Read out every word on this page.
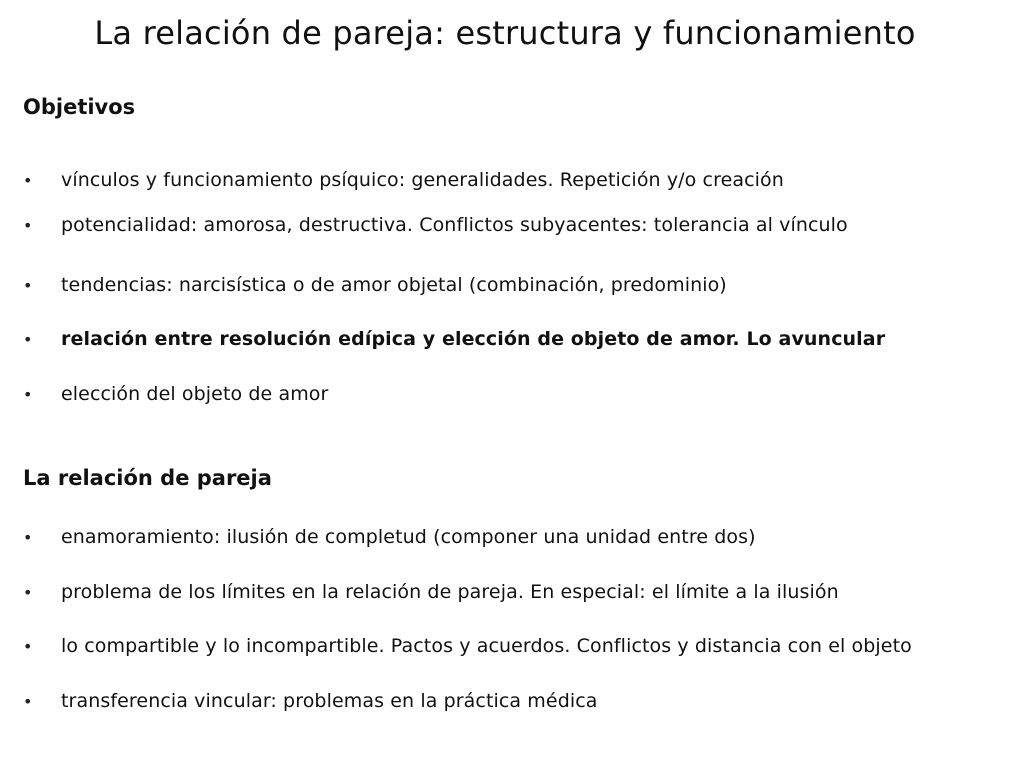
La relación de pareja: estructura y funcionamiento
Objetivos
•	vínculos y funcionamiento psíquico: generalidades. Repetición y/o creación
•	potencialidad: amorosa, destructiva. Conflictos subyacentes: tolerancia al vínculo
•	tendencias: narcisística o de amor objetal (combinación, predominio)
•	relación entre resolución edípica y elección de objeto de amor. Lo avuncular
•	elección del objeto de amor
La relación de pareja
•	enamoramiento: ilusión de completud (componer una unidad entre dos)
•	problema de los límites en la relación de pareja. En especial: el límite a la ilusión
•	lo compartible y lo incompartible. Pactos y acuerdos. Conflictos y distancia con el objeto
•	transferencia vincular: problemas en la práctica médica
